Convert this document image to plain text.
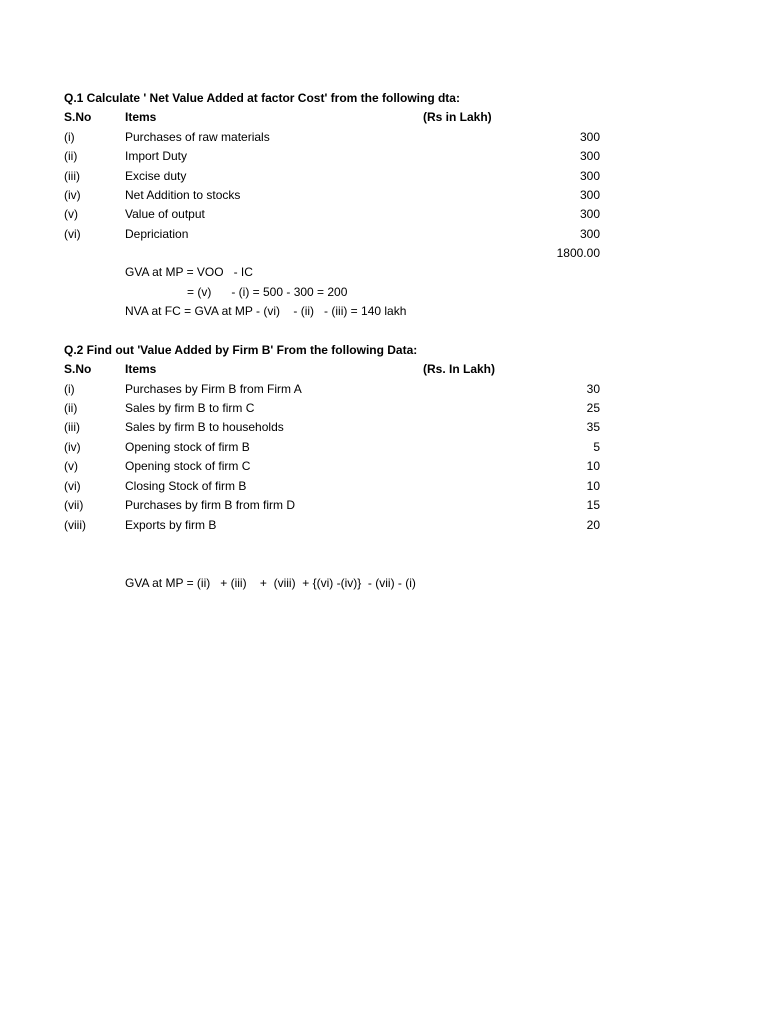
Q.1 Calculate ' Net Value Added at factor Cost' from the following dta:
S.No	Items	(Rs in Lakh)
(i)	Purchases of raw materials	300
(ii)	Import Duty	300
(iii)	Excise duty	300
(iv)	Net Addition to stocks	300
(v)	Value of output	300
(vi)	Depriciation	300
1800.00
GVA at MP = VOO   - IC
= (v)      - (i) = 500 - 300 = 200
NVA at FC = GVA at MP - (vi)    - (ii)   - (iii) = 140 lakh
Q.2 Find out 'Value Added by Firm B' From the following Data:
S.No	Items	(Rs. In Lakh)
(i)	Purchases by Firm B from Firm A	30
(ii)	Sales by firm B to firm C	25
(iii)	Sales by firm B to households	35
(iv)	Opening stock of firm B	5
(v)	Opening stock of firm C	10
(vi)	Closing Stock of firm B	10
(vii)	Purchases by firm B from firm D	15
(viii)	Exports by firm B	20
GVA at MP = (ii)   + (iii)    +  (viii)  + {(vi) -(iv)}  - (vii) - (i)
